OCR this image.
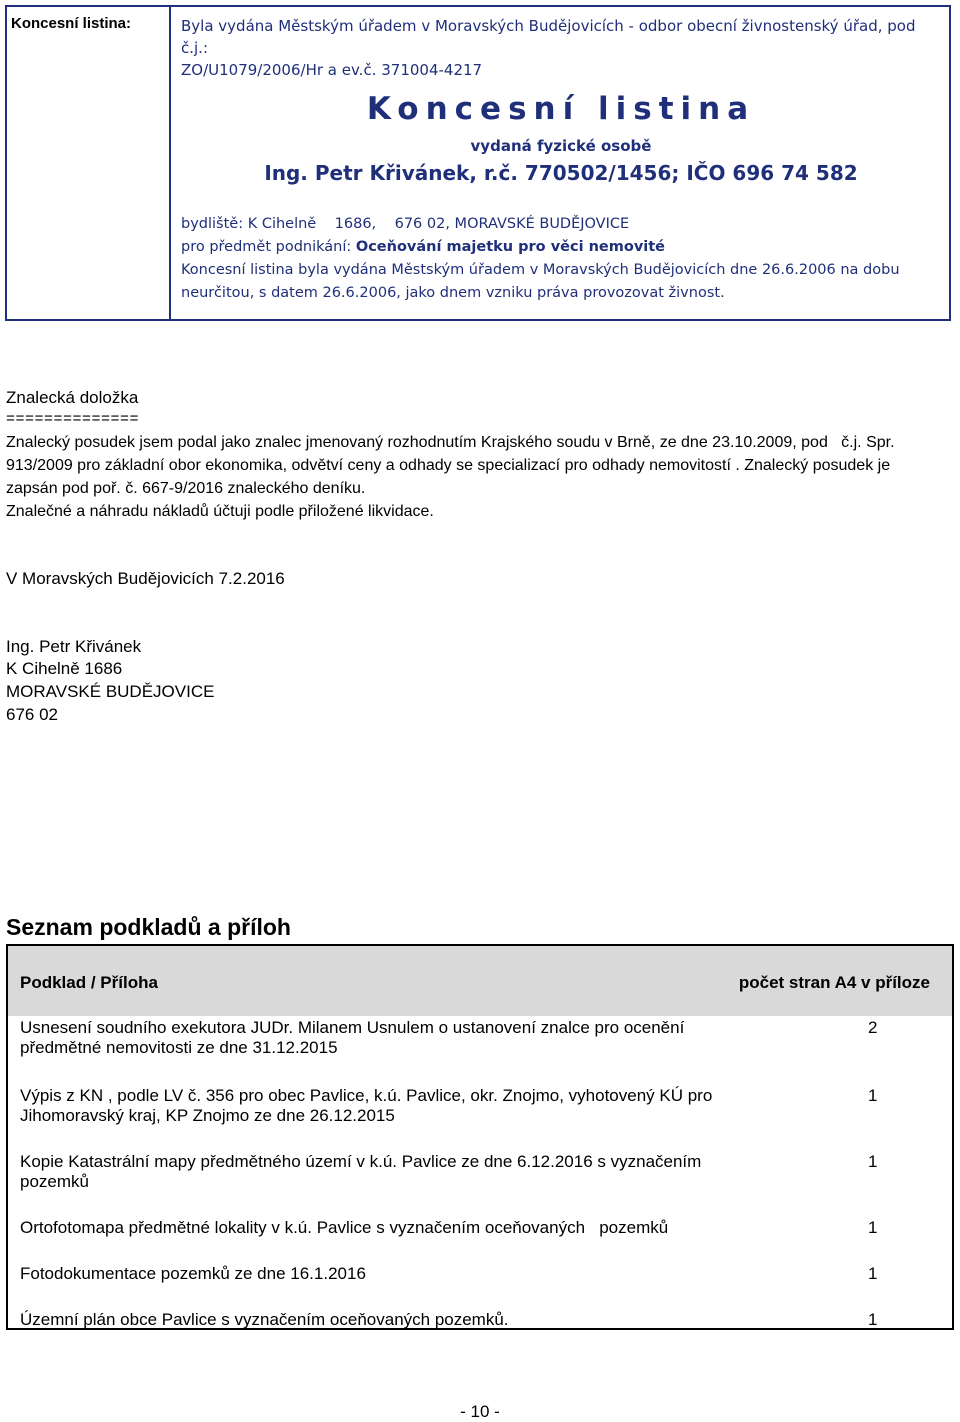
Koncesní listina:	Byla vydána Městským úřadem v Moravských Budějovicích - odbor obecní živnostenský úřad, pod č.j.:
ZO/U1079/2006/Hr a ev.č. 371004-4217
Koncesní listina
vydaná fyzické osobě
Ing. Petr Křivánek, r.č. 770502/1456; IČO 696 74 582
bydliště: K Cihelně    1686,    676 02, MORAVSKÉ BUDĚJOVICE
pro předmět podnikání: Oceňování majetku pro věci nemovité
Koncesní listina byla vydána Městským úřadem v Moravských Budějovicích dne 26.6.2006 na dobu
neurčitou, s datem 26.6.2006, jako dnem vzniku práva provozovat živnost.
Znalecká doložka
==============
Znalecký posudek jsem podal jako znalec jmenovaný rozhodnutím Krajského soudu v Brně, ze dne 23.10.2009, pod   č.j. Spr.
913/2009 pro základní obor ekonomika, odvětví ceny a odhady se specializací pro odhady nemovitostí . Znalecký posudek je
zapsán pod poř. č. 667-9/2016 znaleckého deníku.
Znalečné a náhradu nákladů účtuji podle přiložené likvidace.
V Moravských Budějovicích 7.2.2016
Ing. Petr Křivánek
K Cihelně 1686
MORAVSKÉ BUDĚJOVICE
676 02
Seznam podkladů a příloh
Podklad / Příloha	počet stran A4 v příloze
Usnesení soudního exekutora JUDr. Milanem Usnulem o ustanovení znalce pro ocenění
předmětné nemovitosti ze dne 31.12.2015
2
Výpis z KN , podle LV č. 356 pro obec Pavlice, k.ú. Pavlice, okr. Znojmo, vyhotovený KÚ pro
Jihomoravský kraj, KP Znojmo ze dne 26.12.2015
1
Kopie Katastrální mapy předmětného území v k.ú. Pavlice ze dne 6.12.2016 s vyznačením
pozemků
1
Ortofotomapa předmětné lokality v k.ú. Pavlice s vyznačením oceňovaných   pozemků	1
Fotodokumentace pozemků ze dne 16.1.2016	1
Územní plán obce Pavlice s vyznačením oceňovaných pozemků.	1
- 10 -
